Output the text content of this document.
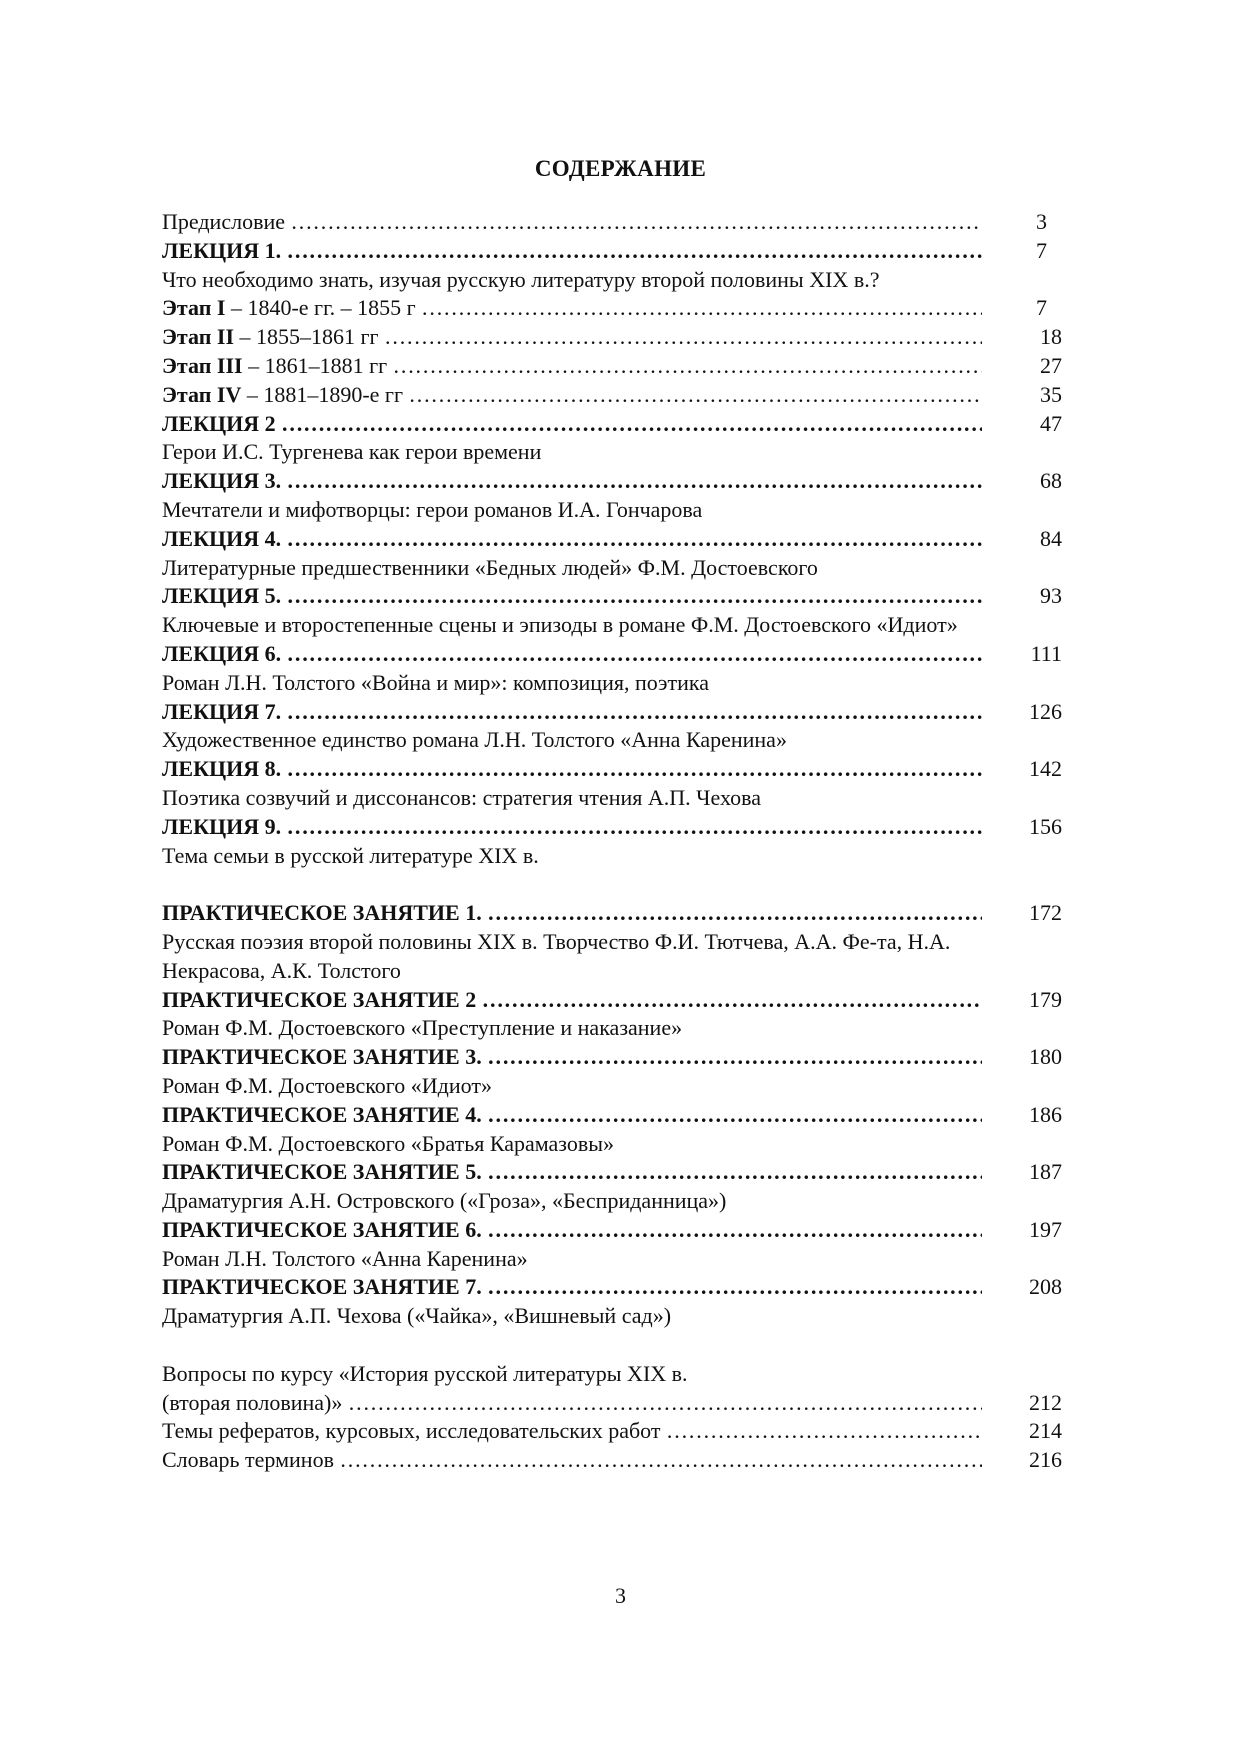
СОДЕРЖАНИЕ
Предисловие …………………………………………………………………………………………………………………………………………………………………………………………………	3
ЛЕКЦИЯ 1. …………………………………………………………………………………………………………………………………………………………………………………………………	7
Что необходимо знать, изучая русскую литературу второй половины XIX в.?
Этап I – 1840-е гг. – 1855 г …………………………………………………………………………………………………………………………………………………………………………………………………	7
Этап II – 1855–1861 гг …………………………………………………………………………………………………………………………………………………………………………………………………	18
Этап III – 1861–1881 гг …………………………………………………………………………………………………………………………………………………………………………………………………	27
Этап IV – 1881–1890-е гг …………………………………………………………………………………………………………………………………………………………………………………………………	35
ЛЕКЦИЯ 2 …………………………………………………………………………………………………………………………………………………………………………………………………	47
Герои И.С. Тургенева как герои времени
ЛЕКЦИЯ 3. …………………………………………………………………………………………………………………………………………………………………………………………………	68
Мечтатели и мифотворцы: герои романов И.А. Гончарова
ЛЕКЦИЯ 4. …………………………………………………………………………………………………………………………………………………………………………………………………	84
Литературные предшественники «Бедных людей» Ф.М. Достоевского
ЛЕКЦИЯ 5. …………………………………………………………………………………………………………………………………………………………………………………………………	93
Ключевые и второстепенные сцены и эпизоды в романе Ф.М. Достоевского «Идиот»
ЛЕКЦИЯ 6. …………………………………………………………………………………………………………………………………………………………………………………………………	111
Роман Л.Н. Толстого «Война и мир»: композиция, поэтика
ЛЕКЦИЯ 7. …………………………………………………………………………………………………………………………………………………………………………………………………	126
Художественное единство романа Л.Н. Толстого «Анна Каренина»
ЛЕКЦИЯ 8. …………………………………………………………………………………………………………………………………………………………………………………………………	142
Поэтика созвучий и диссонансов: стратегия чтения А.П. Чехова
ЛЕКЦИЯ 9. …………………………………………………………………………………………………………………………………………………………………………………………………	156
Тема семьи в русской литературе XIX в.
ПРАКТИЧЕСКОЕ ЗАНЯТИЕ 1. …………………………………………………………………………………………………………………………………………………………………………………………………	172
Русская поэзия второй половины XIX в. Творчество Ф.И. Тютчева, А.А. Фе-та, Н.А. Некрасова, А.К. Толстого
ПРАКТИЧЕСКОЕ ЗАНЯТИЕ 2 …………………………………………………………………………………………………………………………………………………………………………………………………	179
Роман Ф.М. Достоевского «Преступление и наказание»
ПРАКТИЧЕСКОЕ ЗАНЯТИЕ 3. …………………………………………………………………………………………………………………………………………………………………………………………………	180
Роман Ф.М. Достоевского «Идиот»
ПРАКТИЧЕСКОЕ ЗАНЯТИЕ 4. …………………………………………………………………………………………………………………………………………………………………………………………………	186
Роман Ф.М. Достоевского «Братья Карамазовы»
ПРАКТИЧЕСКОЕ ЗАНЯТИЕ 5. …………………………………………………………………………………………………………………………………………………………………………………………………	187
Драматургия А.Н. Островского («Гроза», «Бесприданница»)
ПРАКТИЧЕСКОЕ ЗАНЯТИЕ 6. …………………………………………………………………………………………………………………………………………………………………………………………………	197
Роман Л.Н. Толстого «Анна Каренина»
ПРАКТИЧЕСКОЕ ЗАНЯТИЕ 7. …………………………………………………………………………………………………………………………………………………………………………………………………	208
Драматургия А.П. Чехова («Чайка», «Вишневый сад»)
Вопросы по курсу «История русской литературы XIX в.
(вторая половина)» …………………………………………………………………………………………………………………………………………………………………………………………………	212
Темы рефератов, курсовых, исследовательских работ …………………………………………………………………………………………………………………………………………………………………………………………………	214
Словарь терминов …………………………………………………………………………………………………………………………………………………………………………………………………	216
3
